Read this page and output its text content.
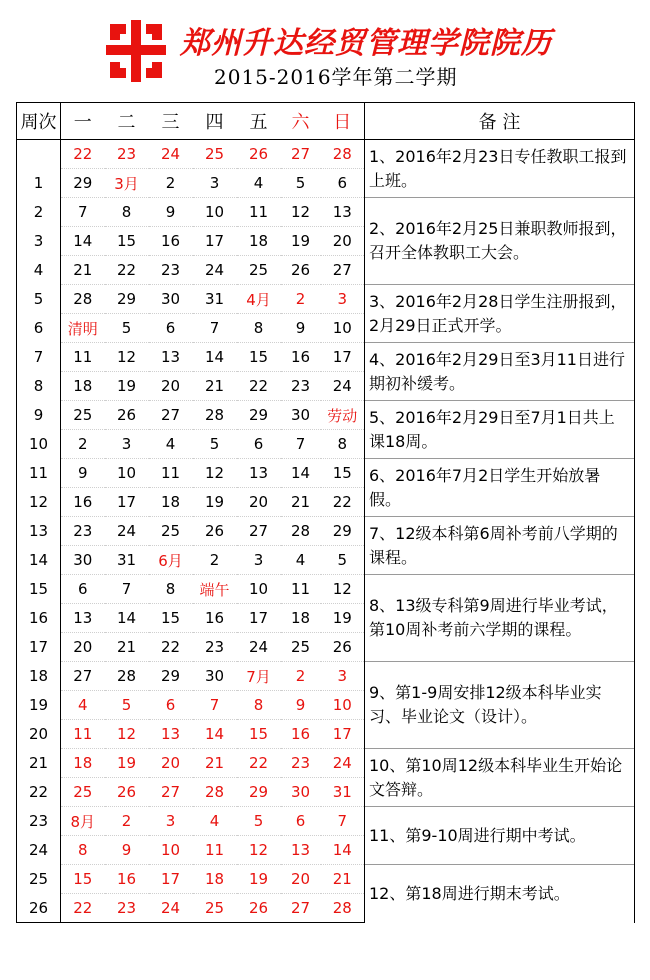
郑州升达经贸管理学院院历
2015-2016学年第二学期
周次	一	二	三	四	五	六	日	备 注
	22	23	24	25	26	27	28	1、2016年2月23日专任教职工报到上班。
1	29	3月	2	3	4	5	6	
2	7	8	9	10	11	12	13	2、2016年2月25日兼职教师报到，召开全体教职工大会。
3	14	15	16	17	18	19	20	
4	21	22	23	24	25	26	27	
5	28	29	30	31	4月	2	3	3、2016年2月28日学生注册报到，2月29日正式开学。
6	清明	5	6	7	8	9	10	
7	11	12	13	14	15	16	17	4、2016年2月29日至3月11日进行期初补缓考。
8	18	19	20	21	22	23	24	
9	25	26	27	28	29	30	劳动	5、2016年2月29日至7月1日共上课18周。
10	2	3	4	5	6	7	8	
11	9	10	11	12	13	14	15	6、2016年7月2日学生开始放暑假。
12	16	17	18	19	20	21	22	
13	23	24	25	26	27	28	29	7、12级本科第6周补考前八学期的课程。
14	30	31	6月	2	3	4	5	
15	6	7	8	端午	10	11	12	8、13级专科第9周进行毕业考试，第10周补考前六学期的课程。
16	13	14	15	16	17	18	19	
17	20	21	22	23	24	25	26	
18	27	28	29	30	7月	2	3	9、第1-9周安排12级本科毕业实习、毕业论文（设计）。
19	4	5	6	7	8	9	10	
20	11	12	13	14	15	16	17	
21	18	19	20	21	22	23	24	10、第10周12级本科毕业生开始论文答辩。
22	25	26	27	28	29	30	31	
23	8月	2	3	4	5	6	7	11、第9-10周进行期中考试。
24	8	9	10	11	12	13	14	
25	15	16	17	18	19	20	21	12、第18周进行期末考试。
26	22	23	24	25	26	27	28	
